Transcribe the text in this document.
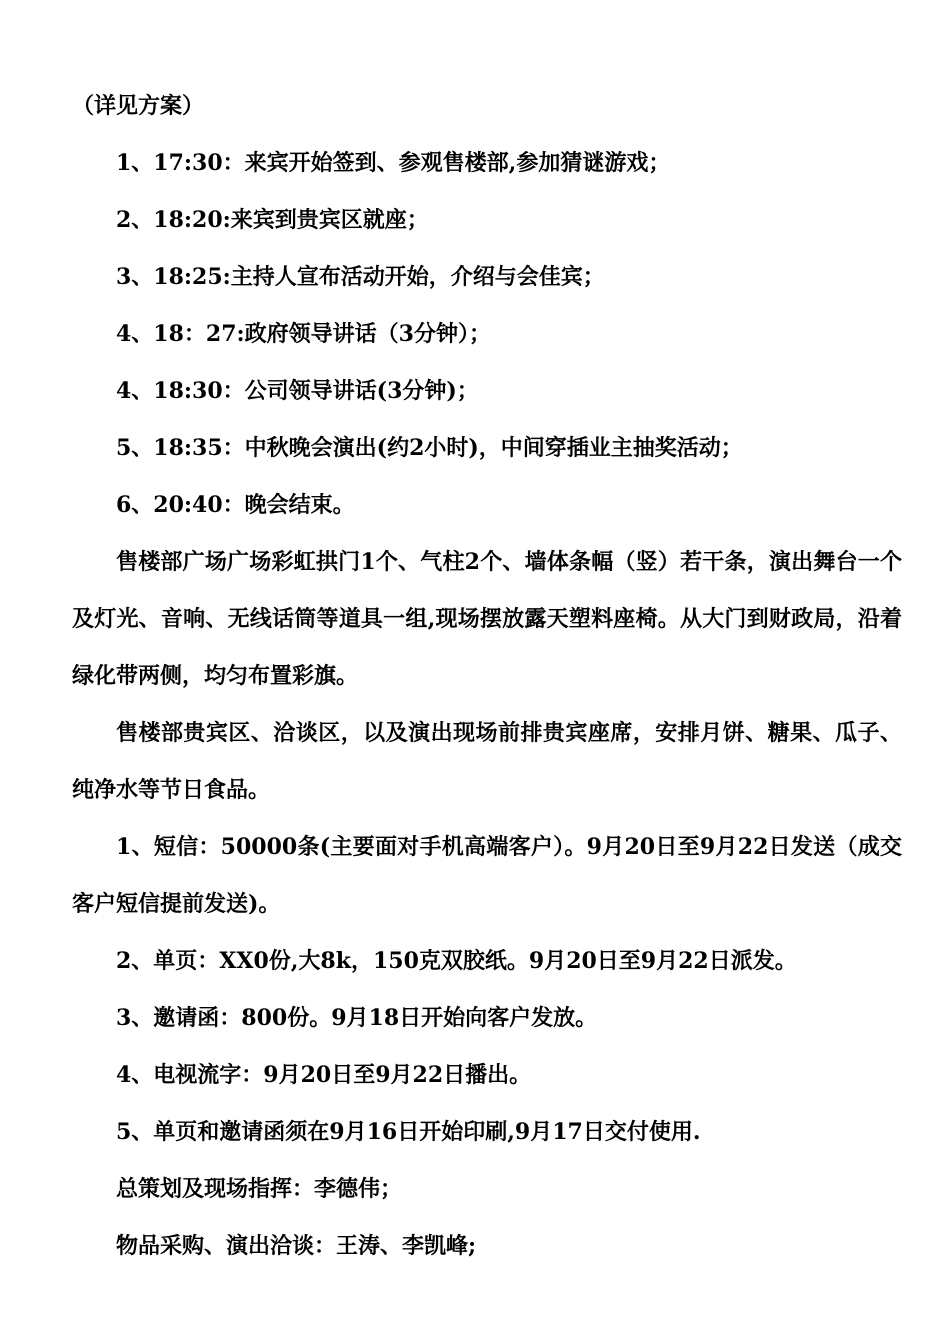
（详见方案）

1、17:30：来宾开始签到、参观售楼部,参加猜谜游戏；

2、18:20:来宾到贵宾区就座；

3、18:25:主持人宣布活动开始，介绍与会佳宾；

4、18：27:政府领导讲话（3分钟）；

4、18:30：公司领导讲话(3分钟)；

5、18:35：中秋晚会演出(约2小时)，中间穿插业主抽奖活动；

6、20:40：晚会结束。

售楼部广场广场彩虹拱门1个、气柱2个、墙体条幅（竖）若干条，演出舞台一个及灯光、音响、无线话筒等道具一组,现场摆放露天塑料座椅。从大门到财政局，沿着绿化带两侧，均匀布置彩旗。

售楼部贵宾区、洽谈区，以及演出现场前排贵宾座席，安排月饼、糖果、瓜子、纯净水等节日食品。

1、短信：50000条(主要面对手机高端客户）。9月20日至9月22日发送（成交客户短信提前发送)。

2、单页：XX0份,大8k，150克双胶纸。9月20日至9月22日派发。

3、邀请函：800份。9月18日开始向客户发放。

4、电视流字：9月20日至9月22日播出。

5、单页和邀请函须在9月16日开始印刷,9月17日交付使用.

总策划及现场指挥：李德伟；

物品采购、演出洽谈：王涛、李凯峰;
